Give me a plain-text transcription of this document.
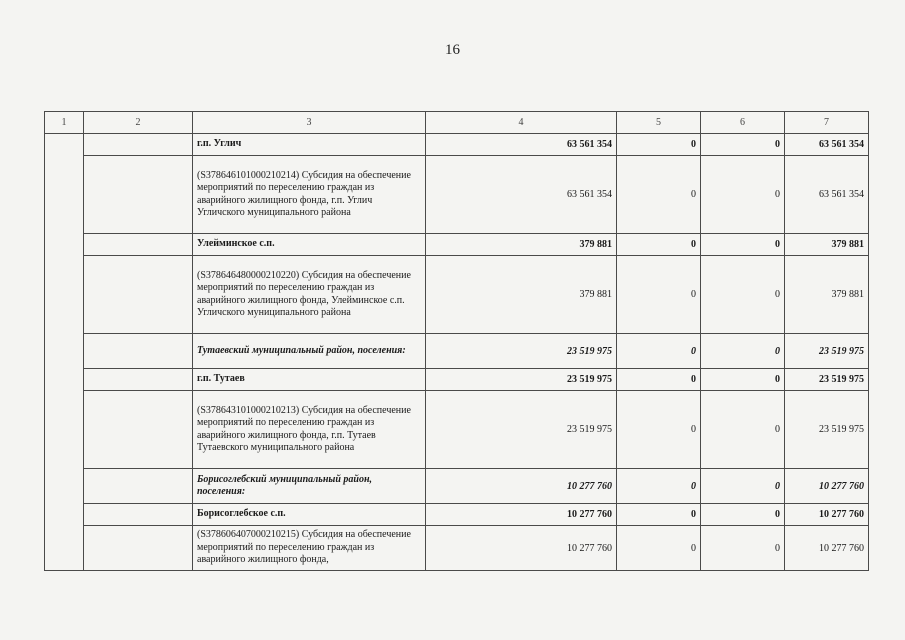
16
1	2	3	4	5	6	7
		г.п. Углич	63 561 354	0	0	63 561 354
		(S378646101000210214) Субсидия на обеспечение мероприятий по переселению граждан из аварийного жилищного фонда, г.п. Углич Угличского муниципального района	63 561 354	0	0	63 561 354
		Улейминское с.п.	379 881	0	0	379 881
		(S378646480000210220) Субсидия на обеспечение мероприятий по переселению граждан из аварийного жилищного фонда, Улейминское с.п. Угличского муниципального района	379 881	0	0	379 881
		Тутаевский муниципальный район, поселения:	23 519 975	0	0	23 519 975
		г.п. Тутаев	23 519 975	0	0	23 519 975
		(S378643101000210213) Субсидия на обеспечение мероприятий по переселению граждан из аварийного жилищного фонда, г.п. Тутаев Тутаевского муниципального района	23 519 975	0	0	23 519 975
		Борисоглебский муниципальный район, поселения:	10 277 760	0	0	10 277 760
		Борисоглебское с.п.	10 277 760	0	0	10 277 760
		(S378606407000210215) Субсидия на обеспечение мероприятий по переселению граждан из аварийного жилищного фонда,	10 277 760	0	0	10 277 760
